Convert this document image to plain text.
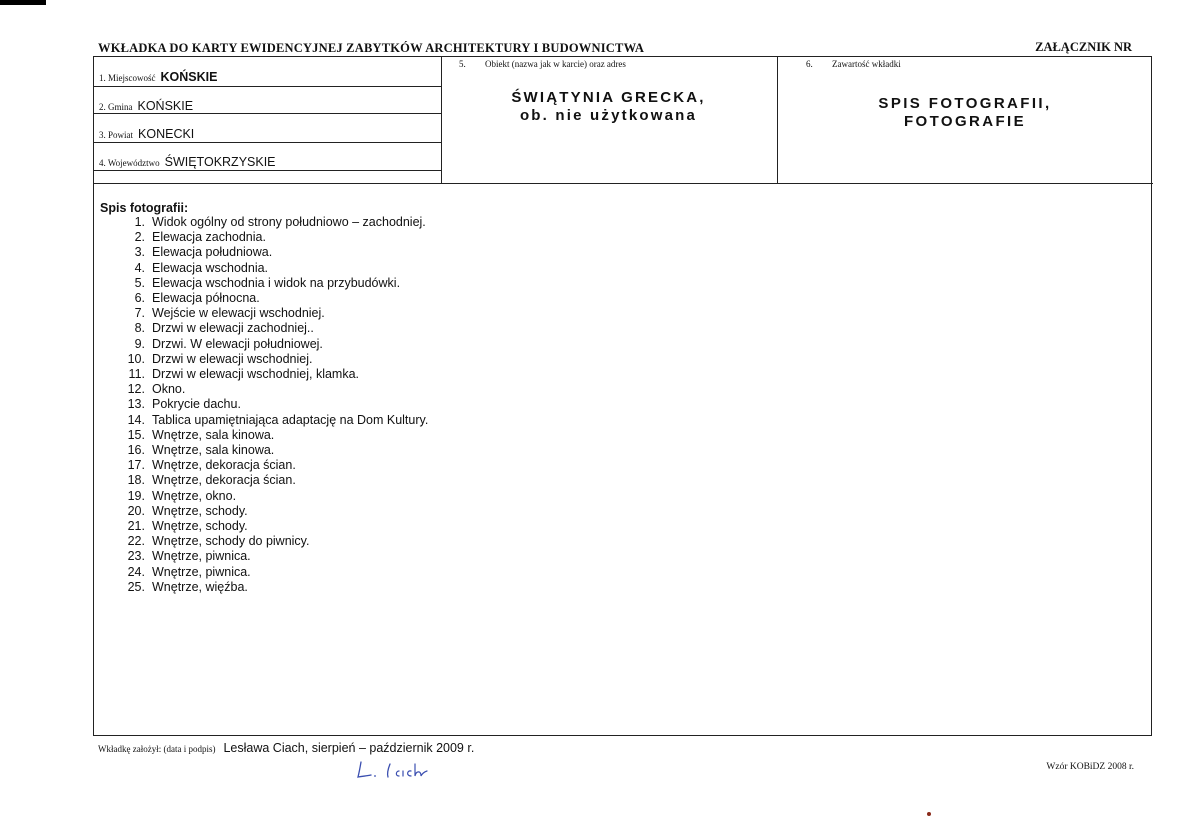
WKŁADKA DO KARTY EWIDENCYJNEJ ZABYTKÓW ARCHITEKTURY I BUDOWNICTWA	ZAŁĄCZNIK NR
1. Miejscowość KOŃSKIE
2. Gmina KOŃSKIE
3. Powiat KONECKI
4. Województwo ŚWIĘTOKRZYSKIE
5. Obiekt (nazwa jak w karcie) oraz adres
ŚWIĄTYNIA GRECKA,
ob. nie użytkowana
6. Zawartość wkładki
SPIS FOTOGRAFII,
FOTOGRAFIE
Spis fotografii:
1. Widok ogólny od strony południowo – zachodniej.
2. Elewacja zachodnia.
3. Elewacja południowa.
4. Elewacja wschodnia.
5. Elewacja wschodnia i widok na przybudówki.
6. Elewacja północna.
7. Wejście w elewacji wschodniej.
8. Drzwi w elewacji zachodniej..
9. Drzwi. W elewacji południowej.
10. Drzwi w elewacji wschodniej.
11. Drzwi w elewacji wschodniej, klamka.
12. Okno.
13. Pokrycie dachu.
14. Tablica upamiętniająca adaptację na Dom Kultury.
15. Wnętrze, sala kinowa.
16. Wnętrze, sala kinowa.
17. Wnętrze, dekoracja ścian.
18. Wnętrze, dekoracja ścian.
19. Wnętrze, okno.
20. Wnętrze, schody.
21. Wnętrze, schody.
22. Wnętrze, schody do piwnicy.
23. Wnętrze, piwnica.
24. Wnętrze, piwnica.
25. Wnętrze, więźba.
Wkładkę założył: (data i podpis) Lesława Ciach, sierpień – październik 2009 r.
Wzór KOBiDZ 2008 r.
